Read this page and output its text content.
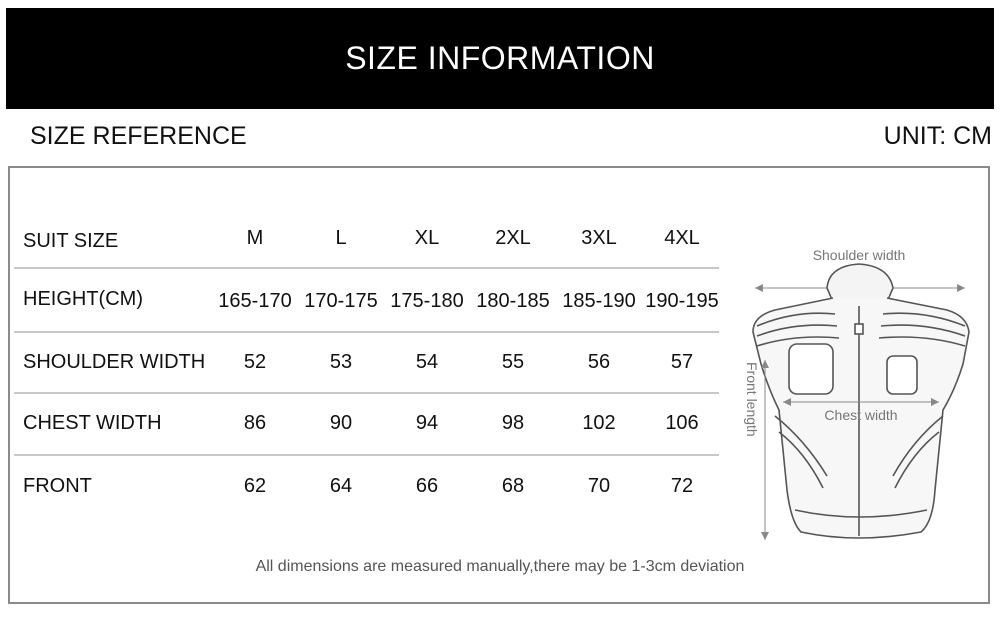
SIZE INFORMATION
SIZE REFERENCE	UNIT: CM
SUIT SIZE	M	L	XL	2XL	3XL 4XL
HEIGHT(CM)	165-170 170-175 175-180 180-185 185-190 190-195
SHOULDER WIDTH 52	53	54	55	56	57
CHEST WIDTH	86	90	94	98	102 106
FRONT	62	64	66	68	70	72
Shoulder width
Chest width
Front length
All dimensions are measured manually,there may be 1-3cm deviation
